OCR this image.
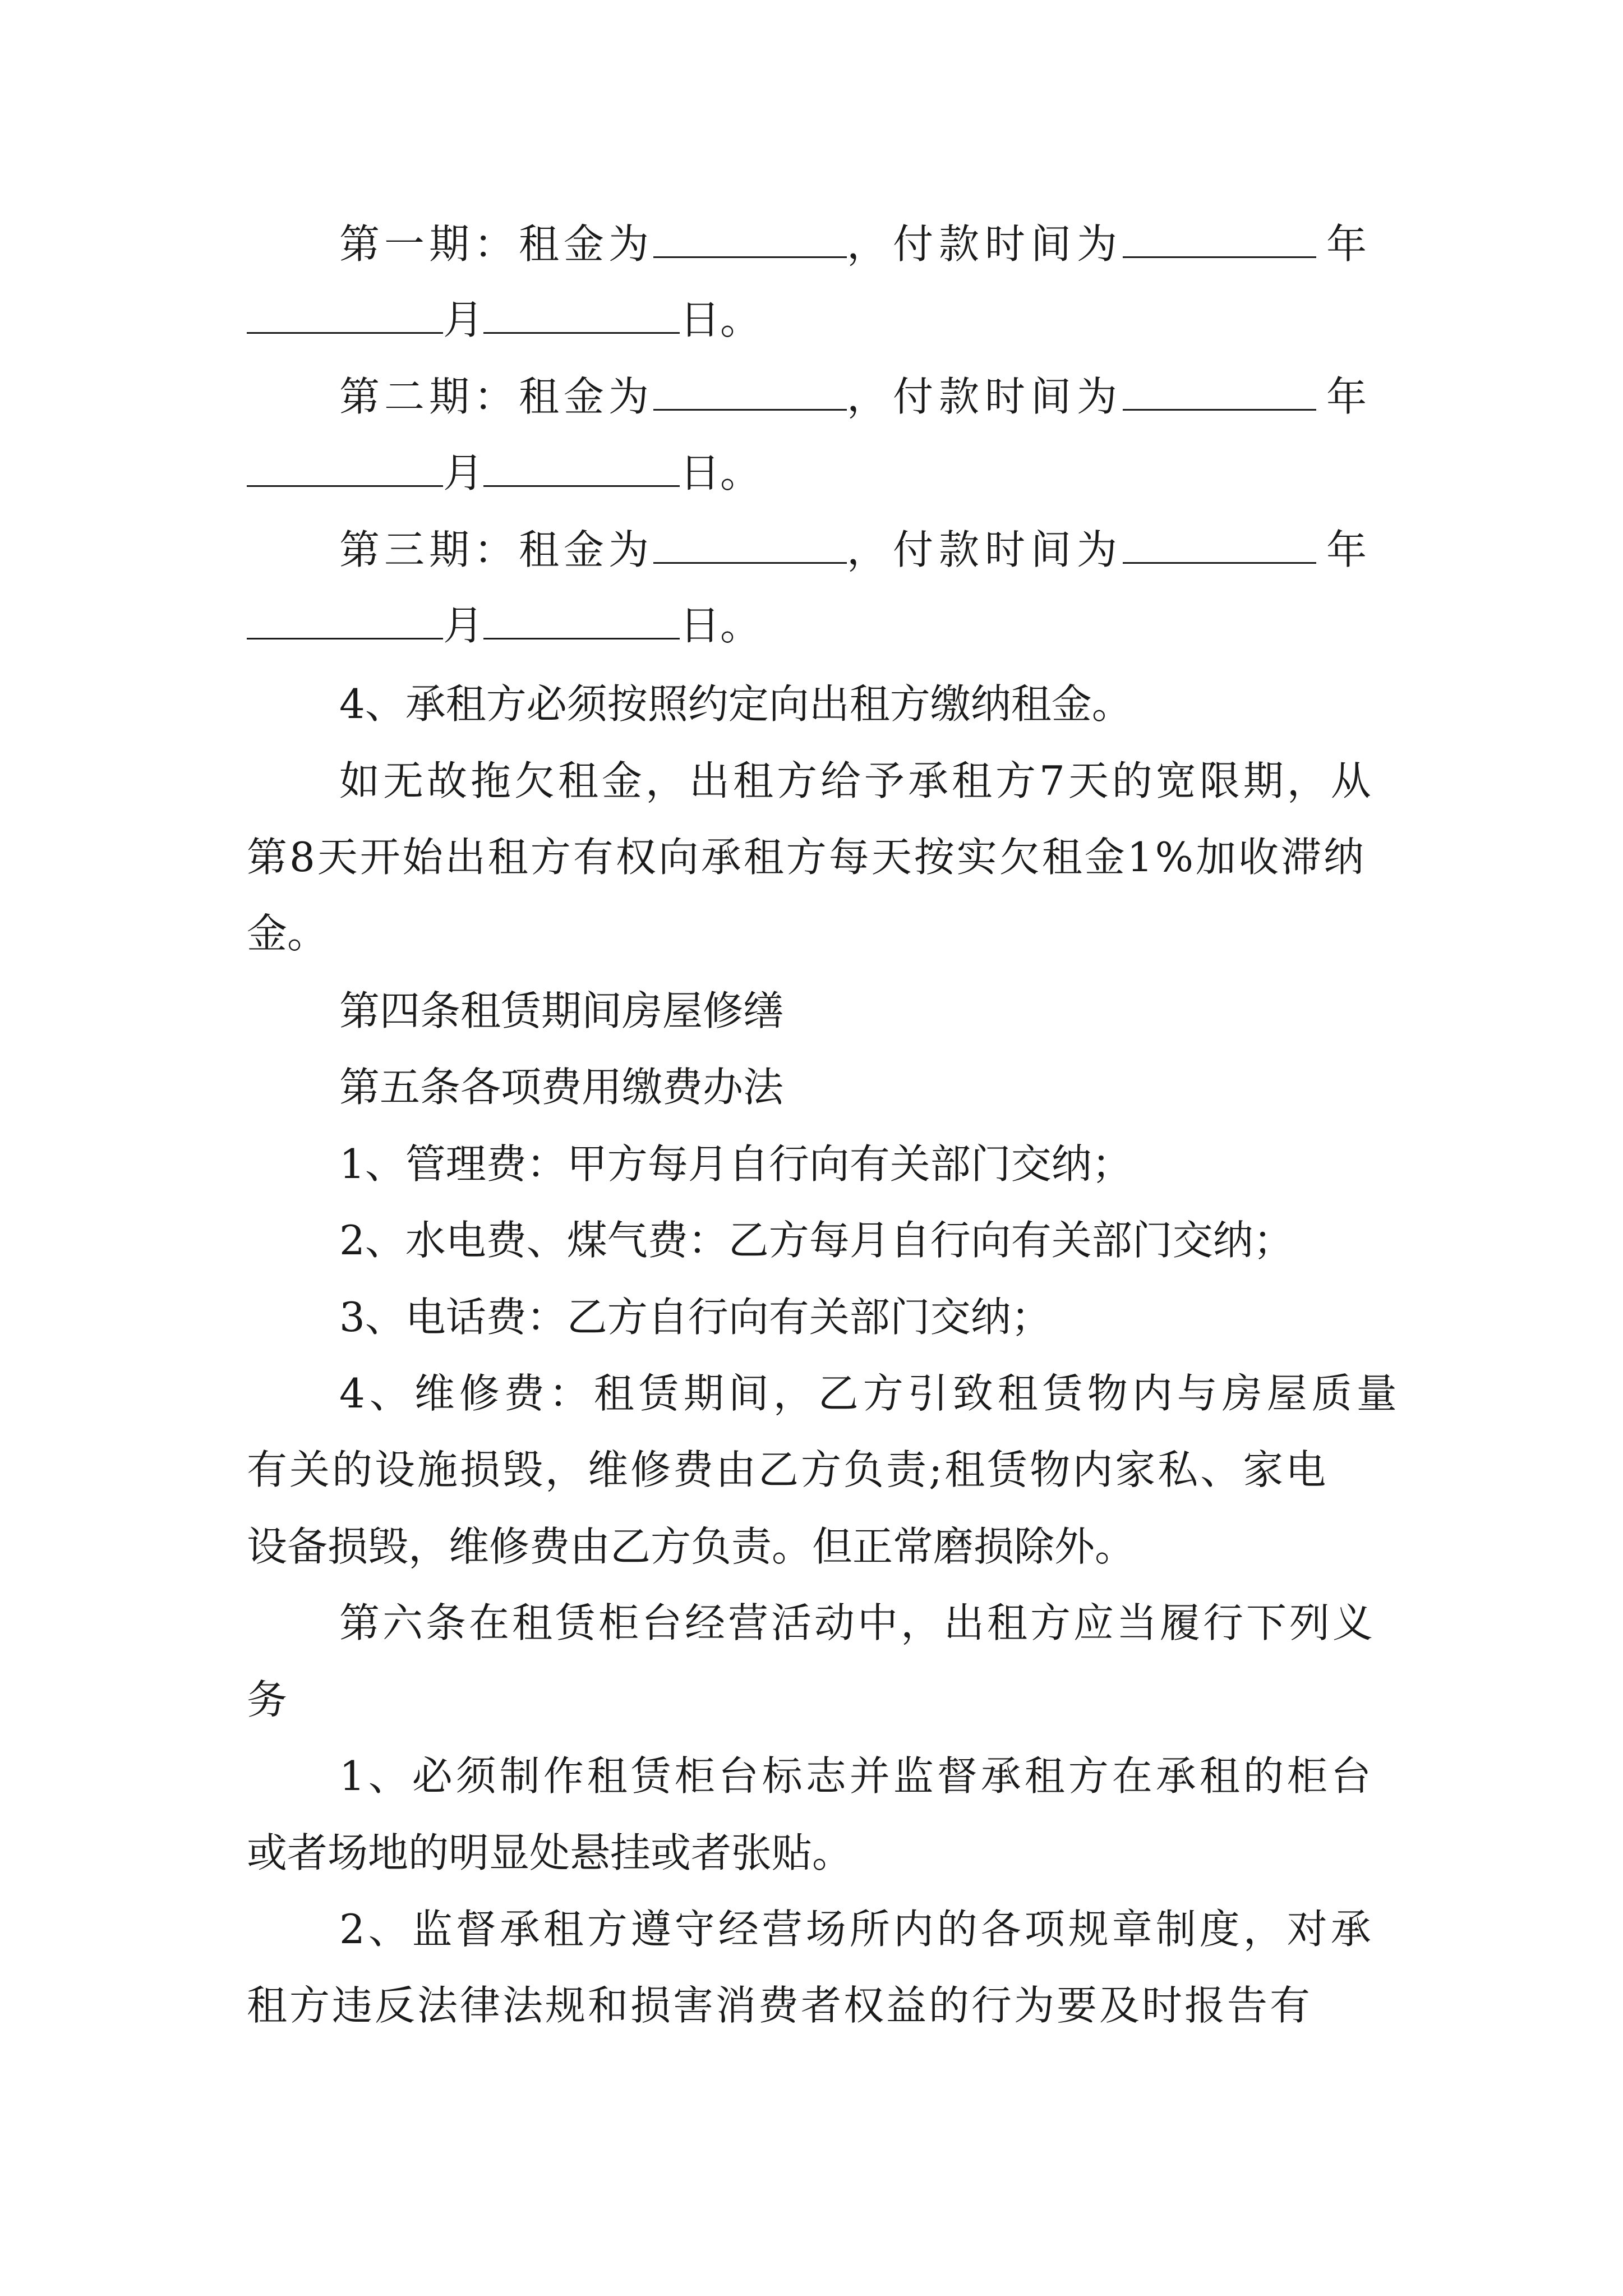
第一期：租金为	，付款时间为	年
月	日。
第二期：租金为	，付款时间为	年
月	日。
第三期：租金为	，付款时间为	年
月	日。
4、承租方必须按照约定向出租方缴纳租金。
如无故拖欠租金，出租方给予承租方7天的宽限期，从
第8天开始出租方有权向承租方每天按实欠租金1%加收滞纳
金。
第四条租赁期间房屋修缮
第五条各项费用缴费办法
1、管理费：甲方每月自行向有关部门交纳；
2、水电费、煤气费：乙方每月自行向有关部门交纳；
3、电话费：乙方自行向有关部门交纳；
4、维修费：租赁期间，乙方引致租赁物内与房屋质量
有关的设施损毁，维修费由乙方负责;租赁物内家私、家电
设备损毁，维修费由乙方负责。但正常磨损除外。
第六条在租赁柜台经营活动中，出租方应当履行下列义
务
1、必须制作租赁柜台标志并监督承租方在承租的柜台
或者场地的明显处悬挂或者张贴。
2、监督承租方遵守经营场所内的各项规章制度，对承
租方违反法律法规和损害消费者权益的行为要及时报告有
